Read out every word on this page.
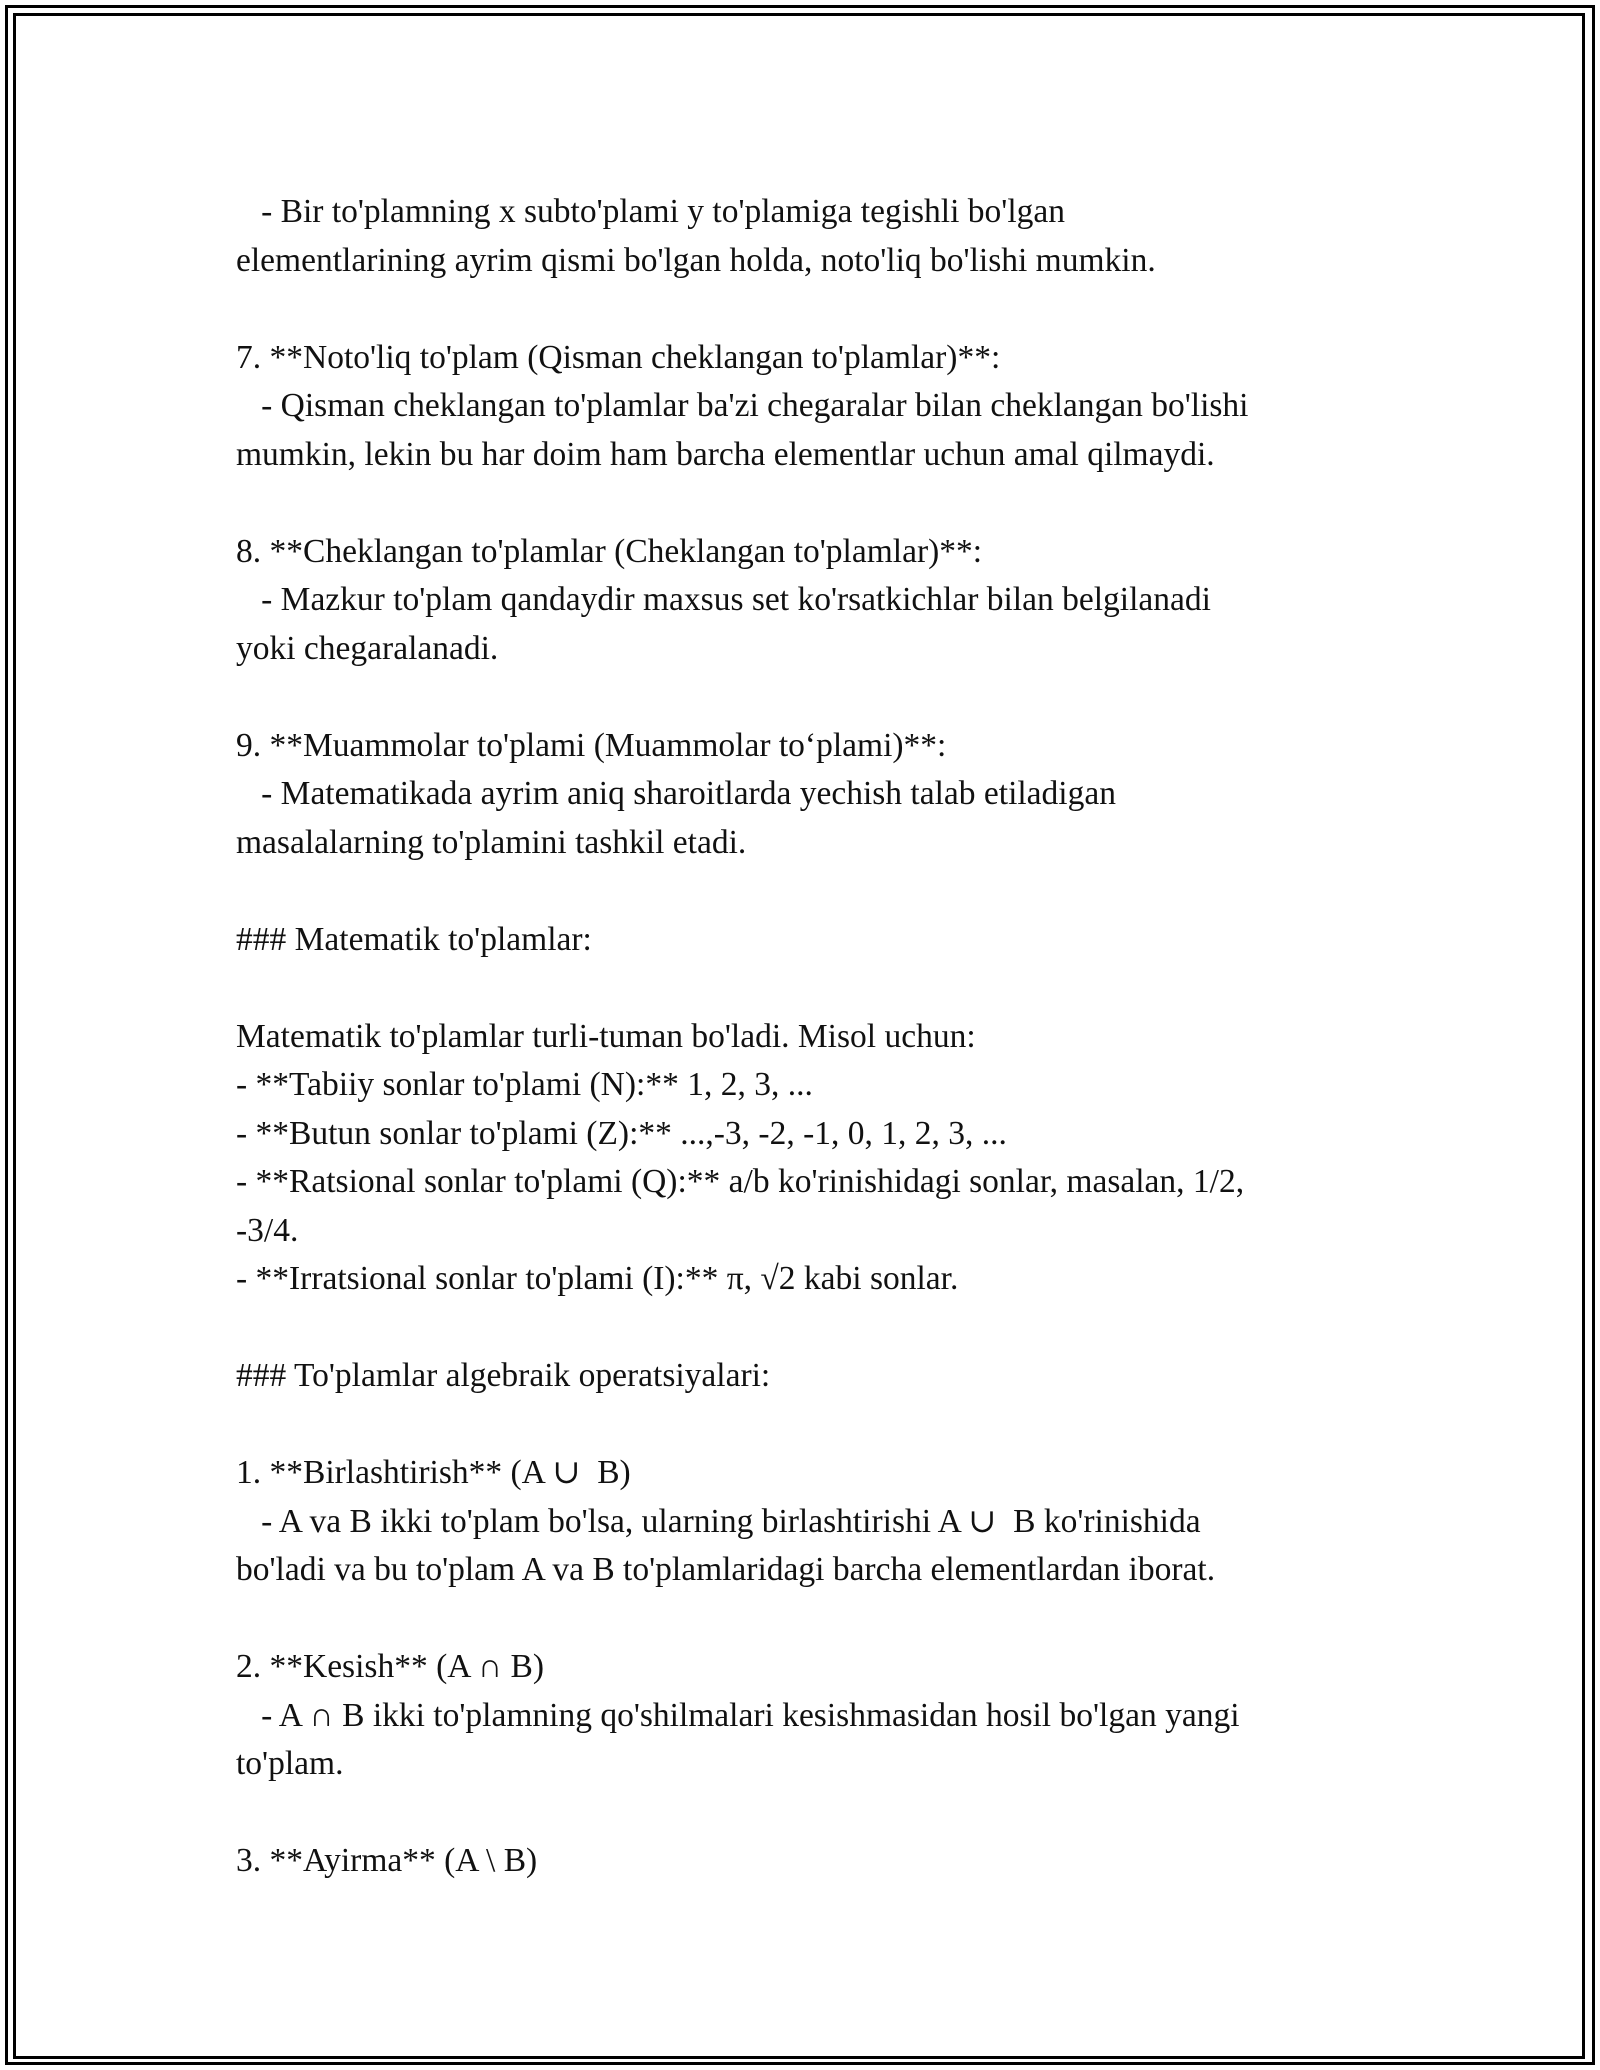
- Bir to'plamning x subto'plami y to'plamiga tegishli bo'lgan
elementlarining ayrim qismi bo'lgan holda, noto'liq bo'lishi mumkin.
7. **Noto'liq to'plam (Qisman cheklangan to'plamlar)**:
- Qisman cheklangan to'plamlar ba'zi chegaralar bilan cheklangan bo'lishi
mumkin, lekin bu har doim ham barcha elementlar uchun amal qilmaydi.
8. **Cheklangan to'plamlar (Cheklangan to'plamlar)**:
- Mazkur to'plam qandaydir maxsus set ko'rsatkichlar bilan belgilanadi
yoki chegaralanadi.
9. **Muammolar to'plami (Muammolar to‘plami)**:
- Matematikada ayrim aniq sharoitlarda yechish talab etiladigan
masalalarning to'plamini tashkil etadi.
### Matematik to'plamlar:
Matematik to'plamlar turli-tuman bo'ladi. Misol uchun:
- **Tabiiy sonlar to'plami (N):** 1, 2, 3, ...
- **Butun sonlar to'plami (Z):** ...,-3, -2, -1, 0, 1, 2, 3, ...
- **Ratsional sonlar to'plami (Q):** a/b ko'rinishidagi sonlar, masalan, 1/2,
-3/4.
- **Irratsional sonlar to'plami (I):** π, √2 kabi sonlar.
### To'plamlar algebraik operatsiyalari:
1. **Birlashtirish** (A ∪  B)
- A va B ikki to'plam bo'lsa, ularning birlashtirishi A ∪  B ko'rinishida
bo'ladi va bu to'plam A va B to'plamlaridagi barcha elementlardan iborat.
2. **Kesish** (A ∩ B)
- A ∩ B ikki to'plamning qo'shilmalari kesishmasidan hosil bo'lgan yangi
to'plam.
3. **Ayirma** (A \ B)
